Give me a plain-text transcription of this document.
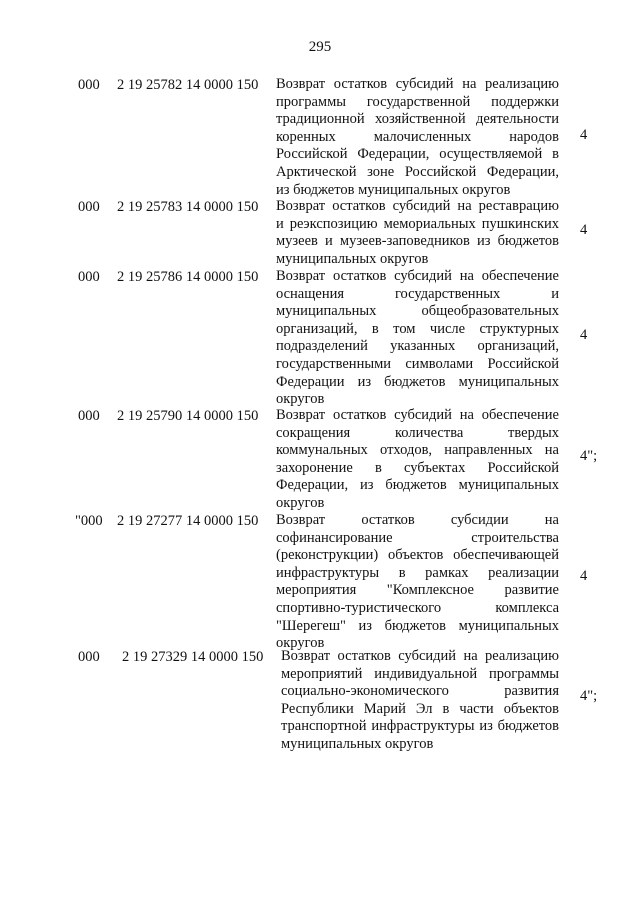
295
000 2 19 25782 14 0000 150 Возврат остатков субсидий на реализацию
программы государственной поддержки
традиционной хозяйственной деятельности
коренных малочисленных народов
Российской Федерации, осуществляемой в
Арктической зоне Российской Федерации,
из бюджетов муниципальных округов
4
000 2 19 25783 14 0000 150 Возврат остатков субсидий на реставрацию
и реэкспозицию мемориальных пушкинских
музеев и музеев-заповедников из бюджетов
муниципальных округов
4
000 2 19 25786 14 0000 150 Возврат остатков субсидий на обеспечение
оснащения государственных и
муниципальных общеобразовательных
организаций, в том числе структурных
подразделений указанных организаций,
государственными символами Российской
Федерации из бюджетов муниципальных
округов
4
000 2 19 25790 14 0000 150 Возврат остатков субсидий на обеспечение
сокращения количества твердых
коммунальных отходов, направленных на
захоронение в субъектах Российской
Федерации, из бюджетов муниципальных
округов
4";
"000 2 19 27277 14 0000 150 Возврат остатков субсидии на
софинансирование строительства
(реконструкции) объектов обеспечивающей
инфраструктуры в рамках реализации
мероприятия "Комплексное развитие
спортивно-туристического комплекса
"Шерегеш" из бюджетов муниципальных
округов
4
000 2 19 27329 14 0000 150 Возврат остатков субсидий на реализацию
мероприятий индивидуальной программы
социально-экономического развития
Республики Марий Эл в части объектов
транспортной инфраструктуры из бюджетов
муниципальных округов
4";
